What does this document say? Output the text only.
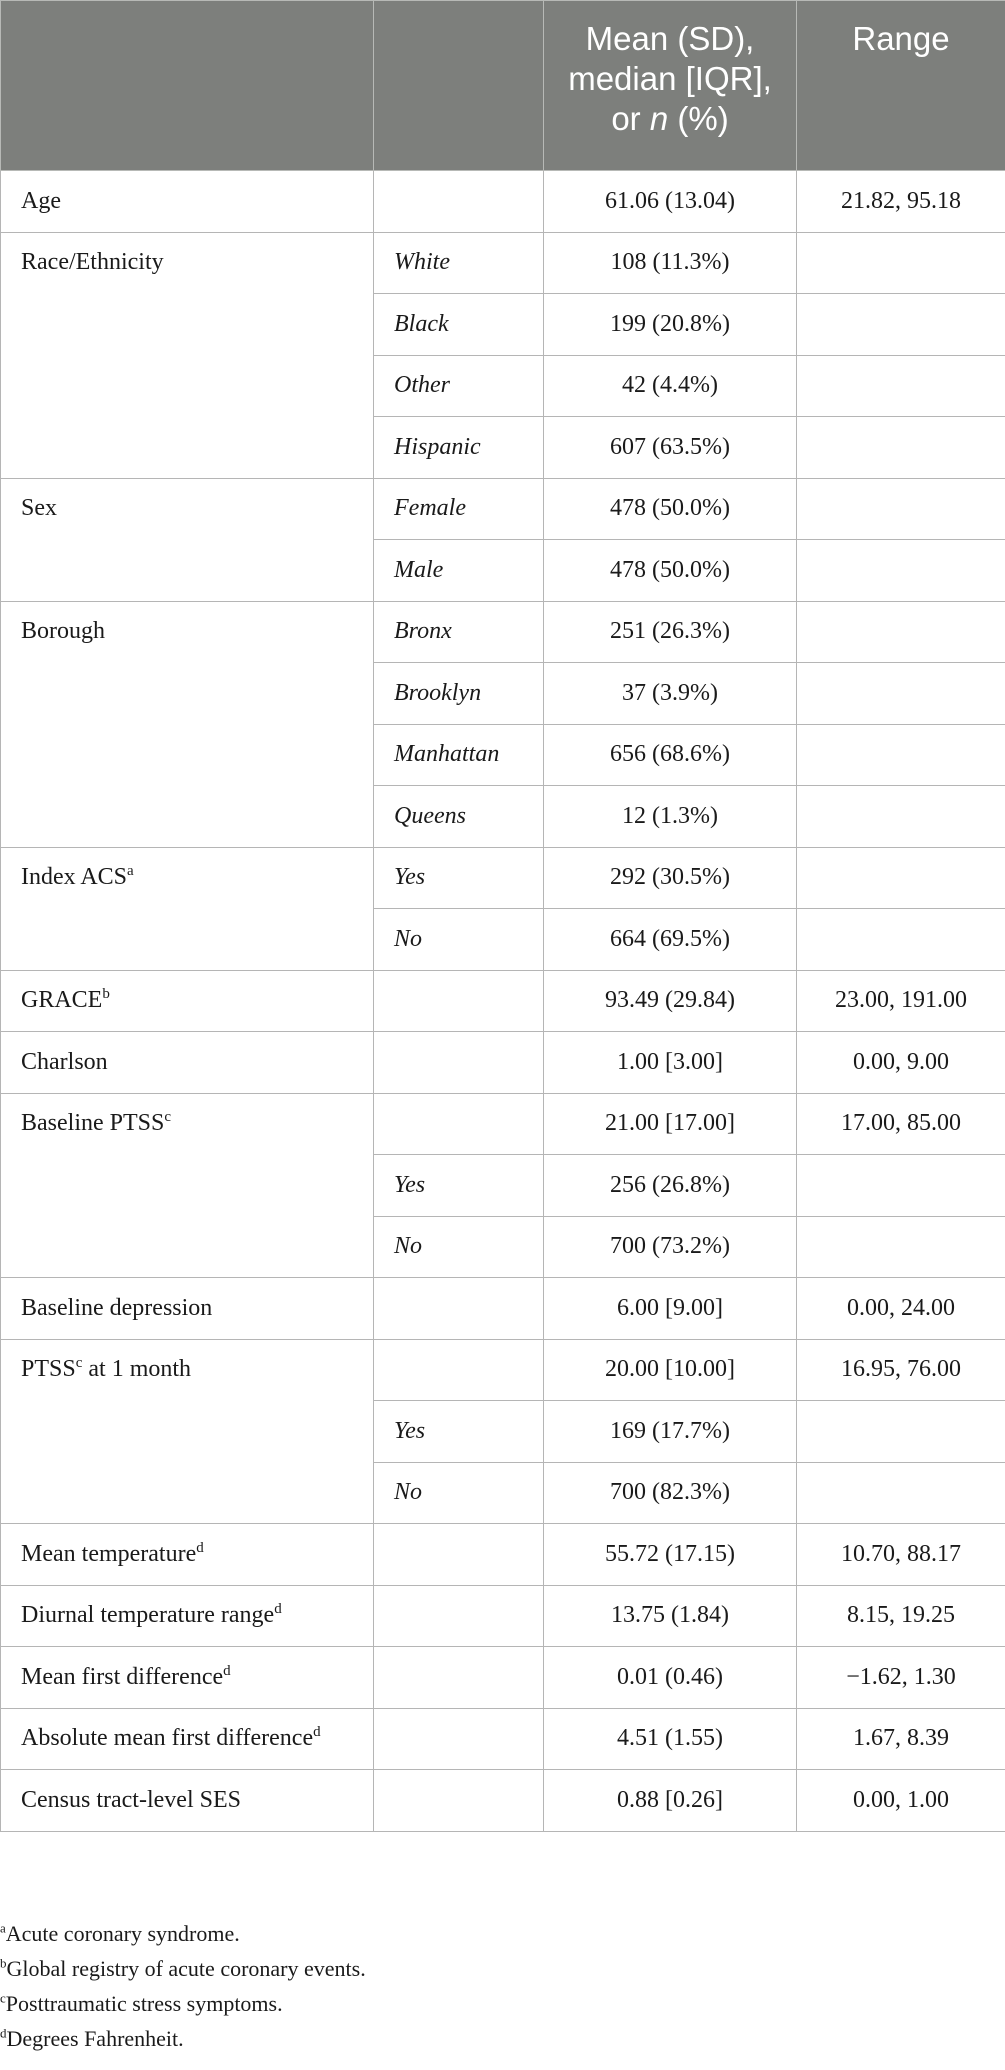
		Mean (SD), median [IQR], or n (%)	Range
Age		61.06 (13.04)	21.82, 95.18
Race/Ethnicity	White	108 (11.3%)	
	Black	199 (20.8%)	
	Other	42 (4.4%)	
	Hispanic	607 (63.5%)	
Sex	Female	478 (50.0%)	
	Male	478 (50.0%)	
Borough	Bronx	251 (26.3%)	
	Brooklyn	37 (3.9%)	
	Manhattan	656 (68.6%)	
	Queens	12 (1.3%)	
Index ACS$^a$	Yes	292 (30.5%)	
	No	664 (69.5%)	
GRACE$^b$		93.49 (29.84)	23.00, 191.00
Charlson		1.00 [3.00]	0.00, 9.00
Baseline PTSS$^c$		21.00 [17.00]	17.00, 85.00
	Yes	256 (26.8%)	
	No	700 (73.2%)	
Baseline depression		6.00 [9.00]	0.00, 24.00
PTSS$^c$ at 1 month		20.00 [10.00]	16.95, 76.00
	Yes	169 (17.7%)	
	No	700 (82.3%)	
Mean temperature$^d$		55.72 (17.15)	10.70, 88.17
Diurnal temperature range$^d$		13.75 (1.84)	8.15, 19.25
Mean first difference$^d$		0.01 (0.46)	−1.62, 1.30
Absolute mean first difference$^d$		4.51 (1.55)	1.67, 8.39
Census tract-level SES		0.88 [0.26]	0.00, 1.00

$^a$Acute coronary syndrome.

$^b$Global registry of acute coronary events.

$^c$Posttraumatic stress symptoms.

$^d$Degrees Fahrenheit.
